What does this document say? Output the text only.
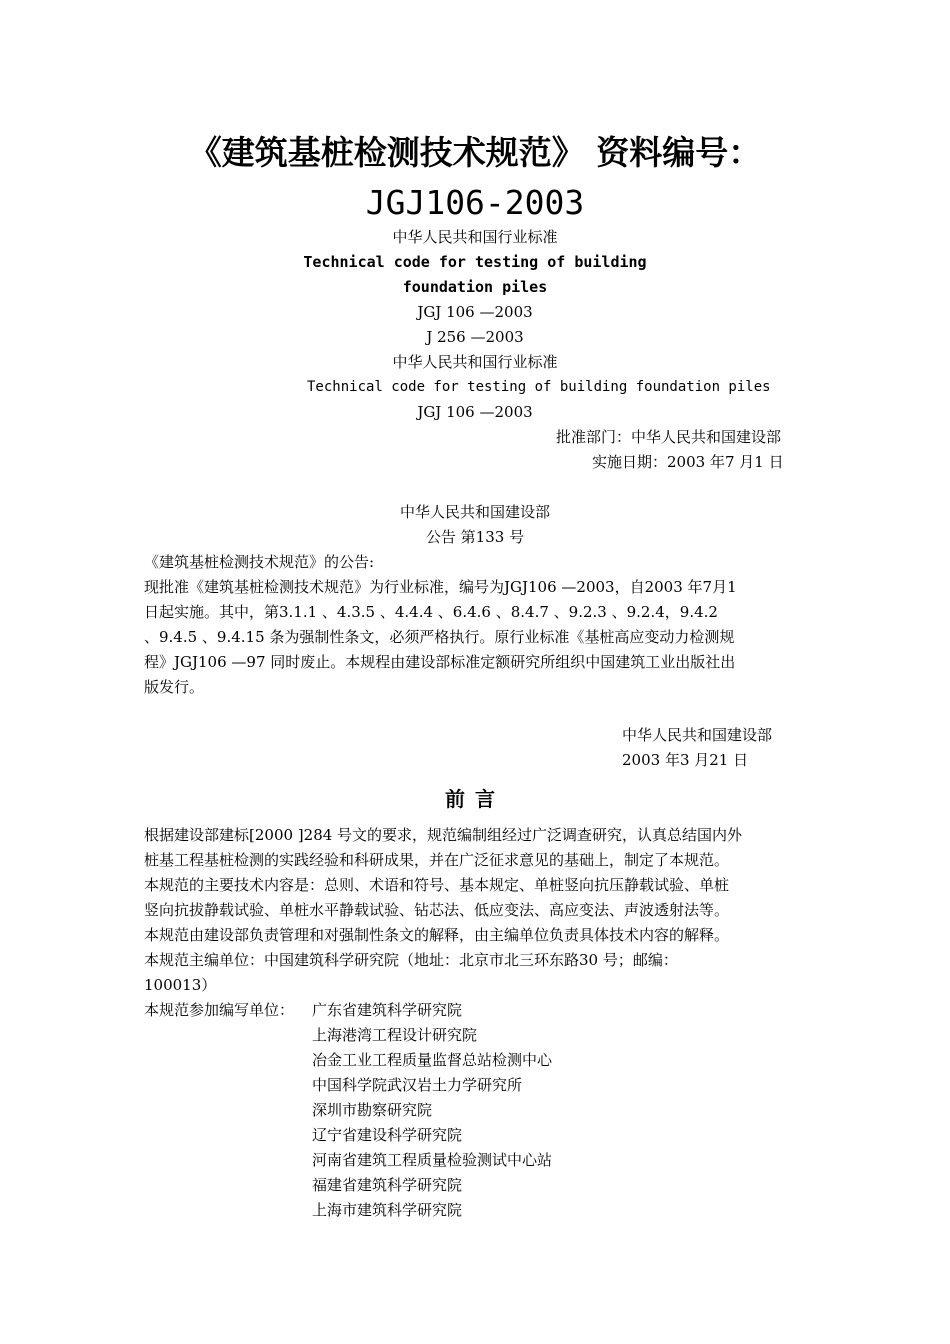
《建筑基桩检测技术规范》 资料编号：
JGJ106-2003
中华人民共和国行业标准
Technical code for testing of building
foundation piles
JGJ 106 —2003
J 256 —2003
中华人民共和国行业标准
Technical code for testing of building foundation piles
JGJ 106 —2003
批准部门：中华人民共和国建设部
实施日期：2003 年7 月1 日
中华人民共和国建设部
公告 第133 号
《建筑基桩检测技术规范》的公告:
现批准《建筑基桩检测技术规范》为行业标准，编号为JGJ106 —2003，自2003 年7月1
日起实施。其中，第3.1.1 、4.3.5 、4.4.4 、6.4.6 、8.4.7 、9.2.3 、9.2.4，9.4.2
、9.4.5 、9.4.15 条为强制性条文，必须严格执行。原行业标准《基桩高应变动力检测规
程》JGJ106 —97 同时废止。本规程由建设部标准定额研究所组织中国建筑工业出版社出
版发行。
中华人民共和国建设部
2003 年3 月21 日
前言
根据建设部建标[2000 ]284 号文的要求，规范编制组经过广泛调查研究，认真总结国内外
桩基工程基桩检测的实践经验和科研成果，并在广泛征求意见的基础上，制定了本规范。
本规范的主要技术内容是：总则、术语和符号、基本规定、单桩竖向抗压静载试验、单桩
竖向抗拔静载试验、单桩水平静载试验、钻芯法、低应变法、高应变法、声波透射法等。
本规范由建设部负责管理和对强制性条文的解释，由主编单位负责具体技术内容的解释。
本规范主编单位：中国建筑科学研究院（地址：北京市北三环东路30 号；邮编：
100013）
本规范参加编写单位： 广东省建筑科学研究院
上海港湾工程设计研究院
冶金工业工程质量监督总站检测中心
中国科学院武汉岩土力学研究所
深圳市勘察研究院
辽宁省建设科学研究院
河南省建筑工程质量检验测试中心站
福建省建筑科学研究院
上海市建筑科学研究院
